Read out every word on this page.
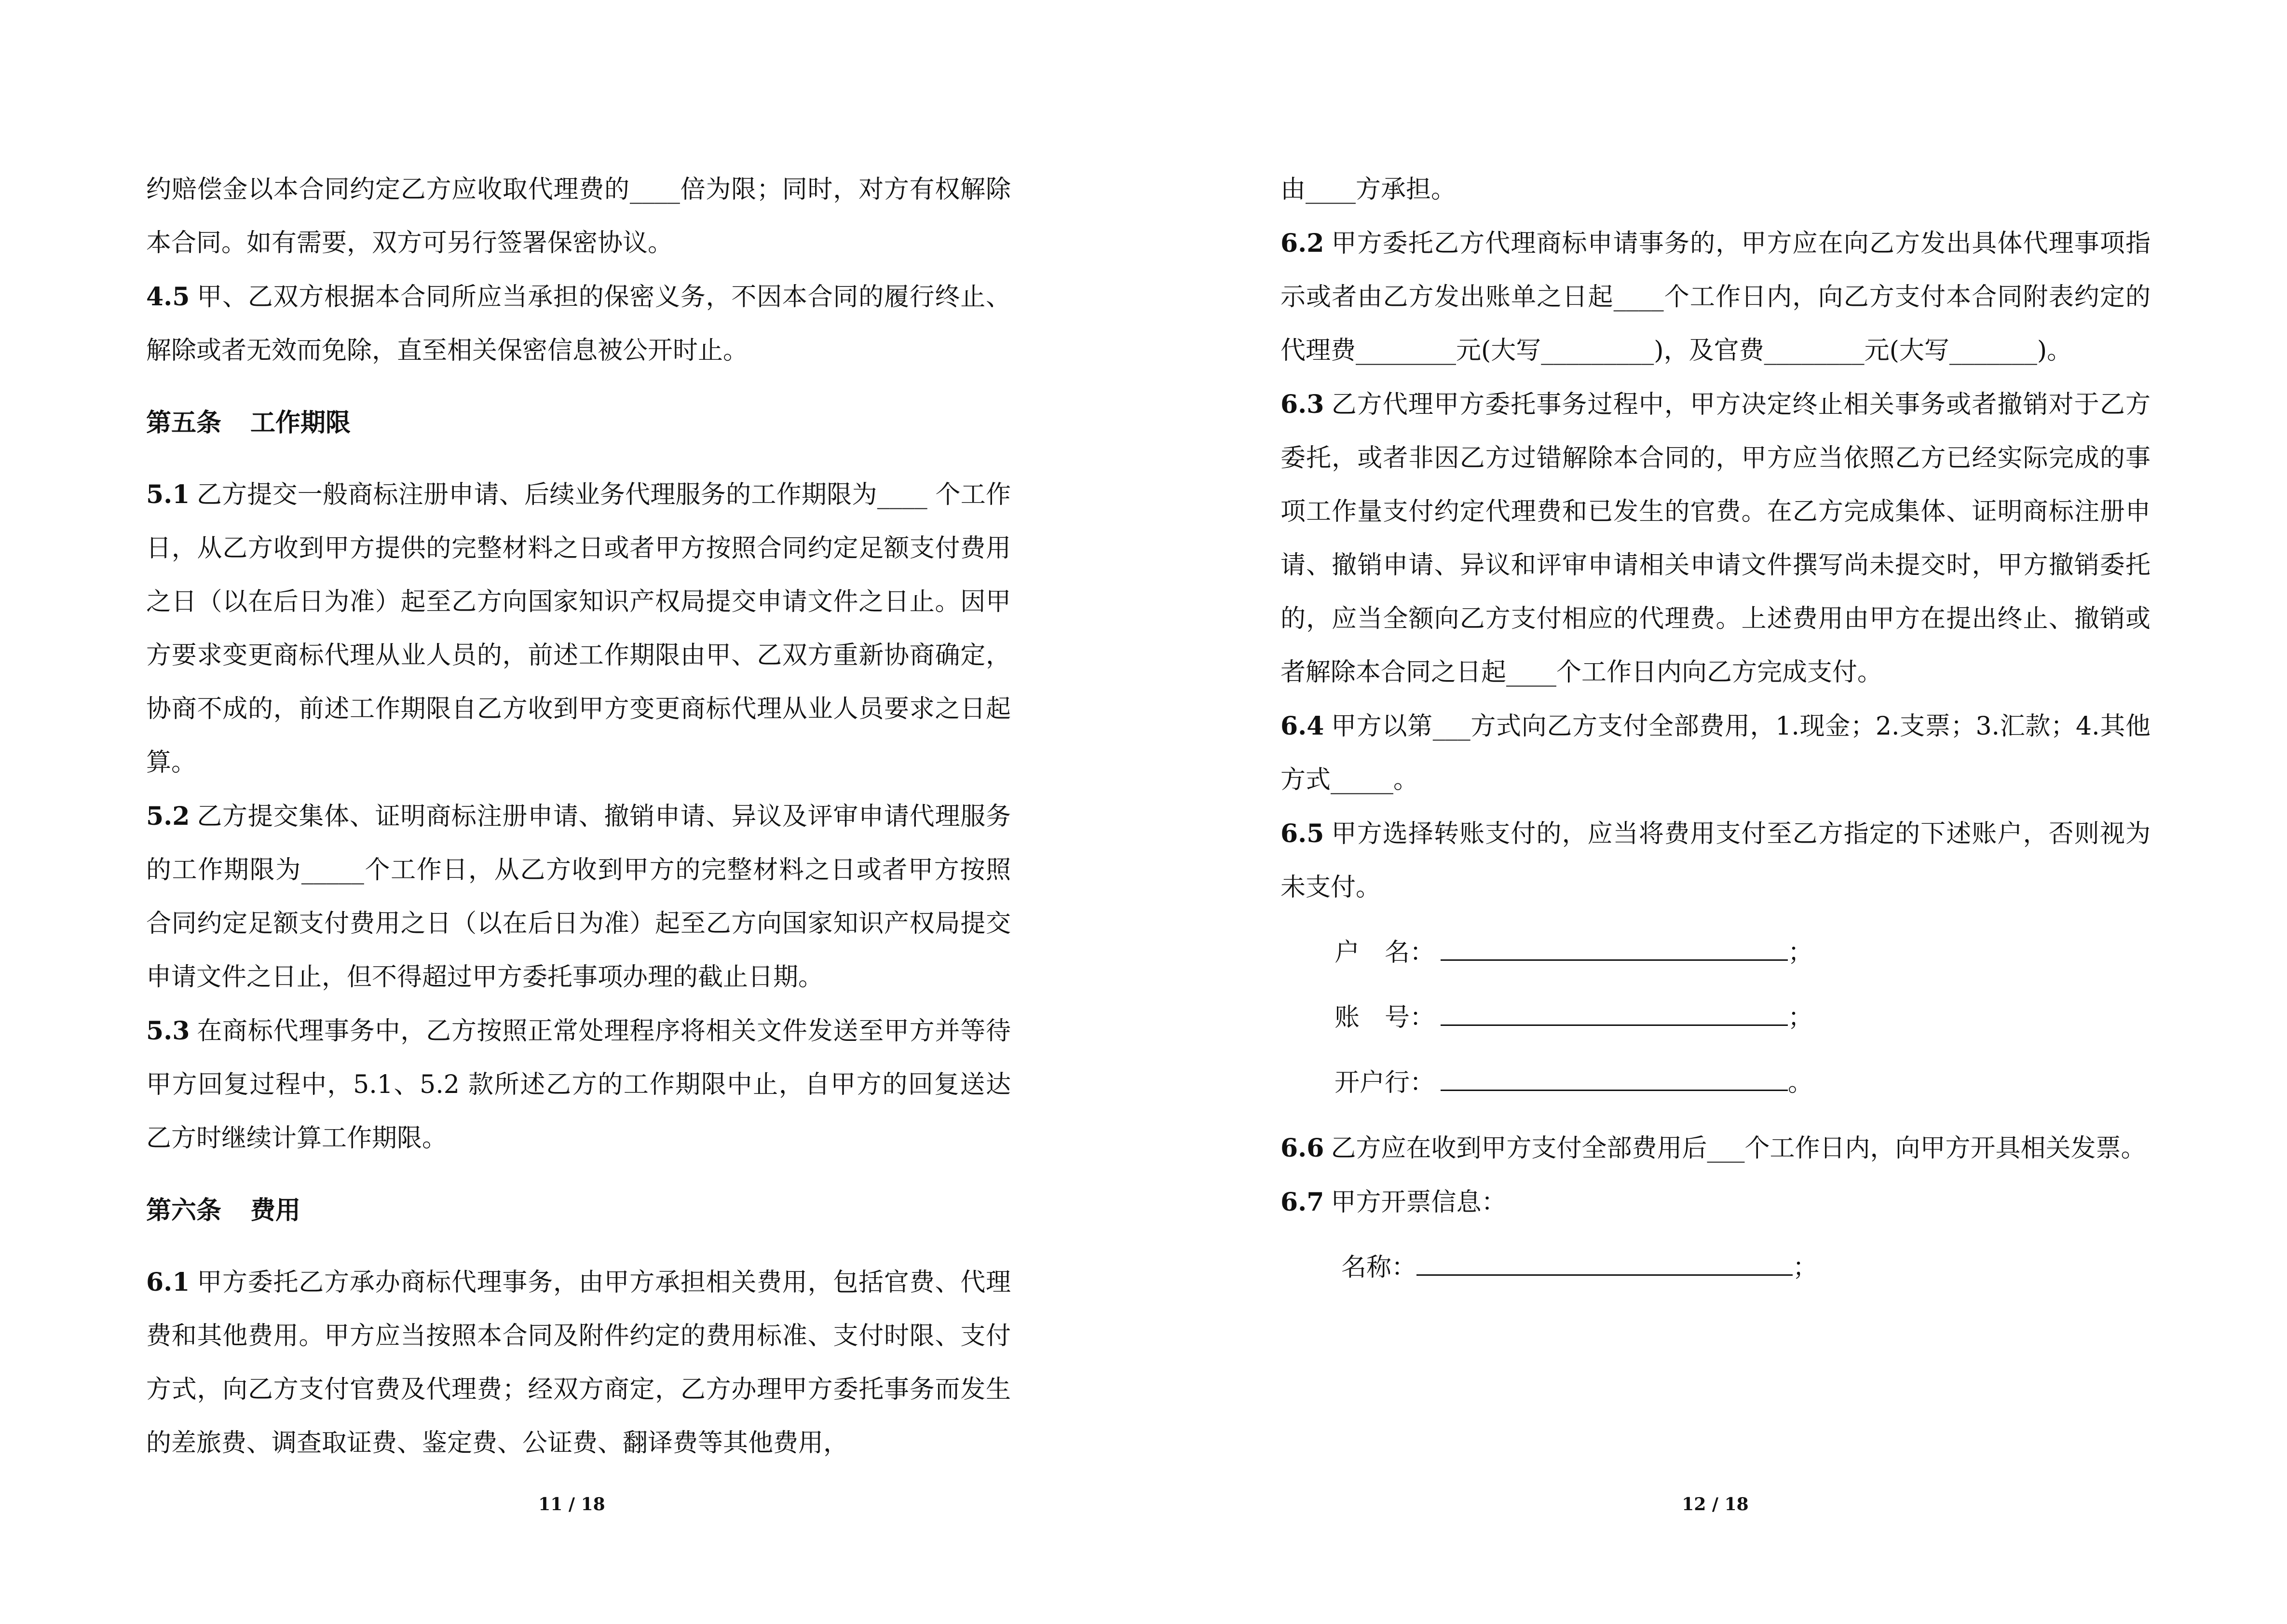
约赔偿金以本合同约定乙方应收取代理费的____倍为限；同时，对方有权解除本合同。如有需要，双方可另行签署保密协议。

4.5 甲、乙双方根据本合同所应当承担的保密义务，不因本合同的履行终止、解除或者无效而免除，直至相关保密信息被公开时止。

第五条 工作期限

5.1 乙方提交一般商标注册申请、后续业务代理服务的工作期限为____ 个工作日，从乙方收到甲方提供的完整材料之日或者甲方按照合同约定足额支付费用之日（以在后日为准）起至乙方向国家知识产权局提交申请文件之日止。因甲方要求变更商标代理从业人员的，前述工作期限由甲、乙双方重新协商确定，协商不成的，前述工作期限自乙方收到甲方变更商标代理从业人员要求之日起算。

5.2 乙方提交集体、证明商标注册申请、撤销申请、异议及评审申请代理服务的工作期限为_____个工作日，从乙方收到甲方的完整材料之日或者甲方按照合同约定足额支付费用之日（以在后日为准）起至乙方向国家知识产权局提交申请文件之日止，但不得超过甲方委托事项办理的截止日期。

5.3 在商标代理事务中，乙方按照正常处理程序将相关文件发送至甲方并等待甲方回复过程中，5.1、5.2 款所述乙方的工作期限中止，自甲方的回复送达乙方时继续计算工作期限。

第六条 费用

6.1 甲方委托乙方承办商标代理事务，由甲方承担相关费用，包括官费、代理费和其他费用。甲方应当按照本合同及附件约定的费用标准、支付时限、支付方式，向乙方支付官费及代理费；经双方商定，乙方办理甲方委托事务而发生的差旅费、调查取证费、鉴定费、公证费、翻译费等其他费用，

11 / 18

由____方承担。

6.2 甲方委托乙方代理商标申请事务的，甲方应在向乙方发出具体代理事项指示或者由乙方发出账单之日起____个工作日内，向乙方支付本合同附表约定的代理费________元(大写_________)，及官费________元(大写_______)。

6.3 乙方代理甲方委托事务过程中，甲方决定终止相关事务或者撤销对于乙方委托，或者非因乙方过错解除本合同的，甲方应当依照乙方已经实际完成的事项工作量支付约定代理费和已发生的官费。在乙方完成集体、证明商标注册申请、撤销申请、异议和评审申请相关申请文件撰写尚未提交时，甲方撤销委托的，应当全额向乙方支付相应的代理费。上述费用由甲方在提出终止、撤销或者解除本合同之日起____个工作日内向乙方完成支付。

6.4 甲方以第___方式向乙方支付全部费用，1.现金；2.支票；3.汇款；4.其他方式_____。

6.5 甲方选择转账支付的，应当将费用支付至乙方指定的下述账户，否则视为未支付。

户　名：	；
账　号：	；
开户行：	。

6.6 乙方应在收到甲方支付全部费用后___个工作日内，向甲方开具相关发票。

6.7 甲方开票信息：

名称：	；
12 / 18
